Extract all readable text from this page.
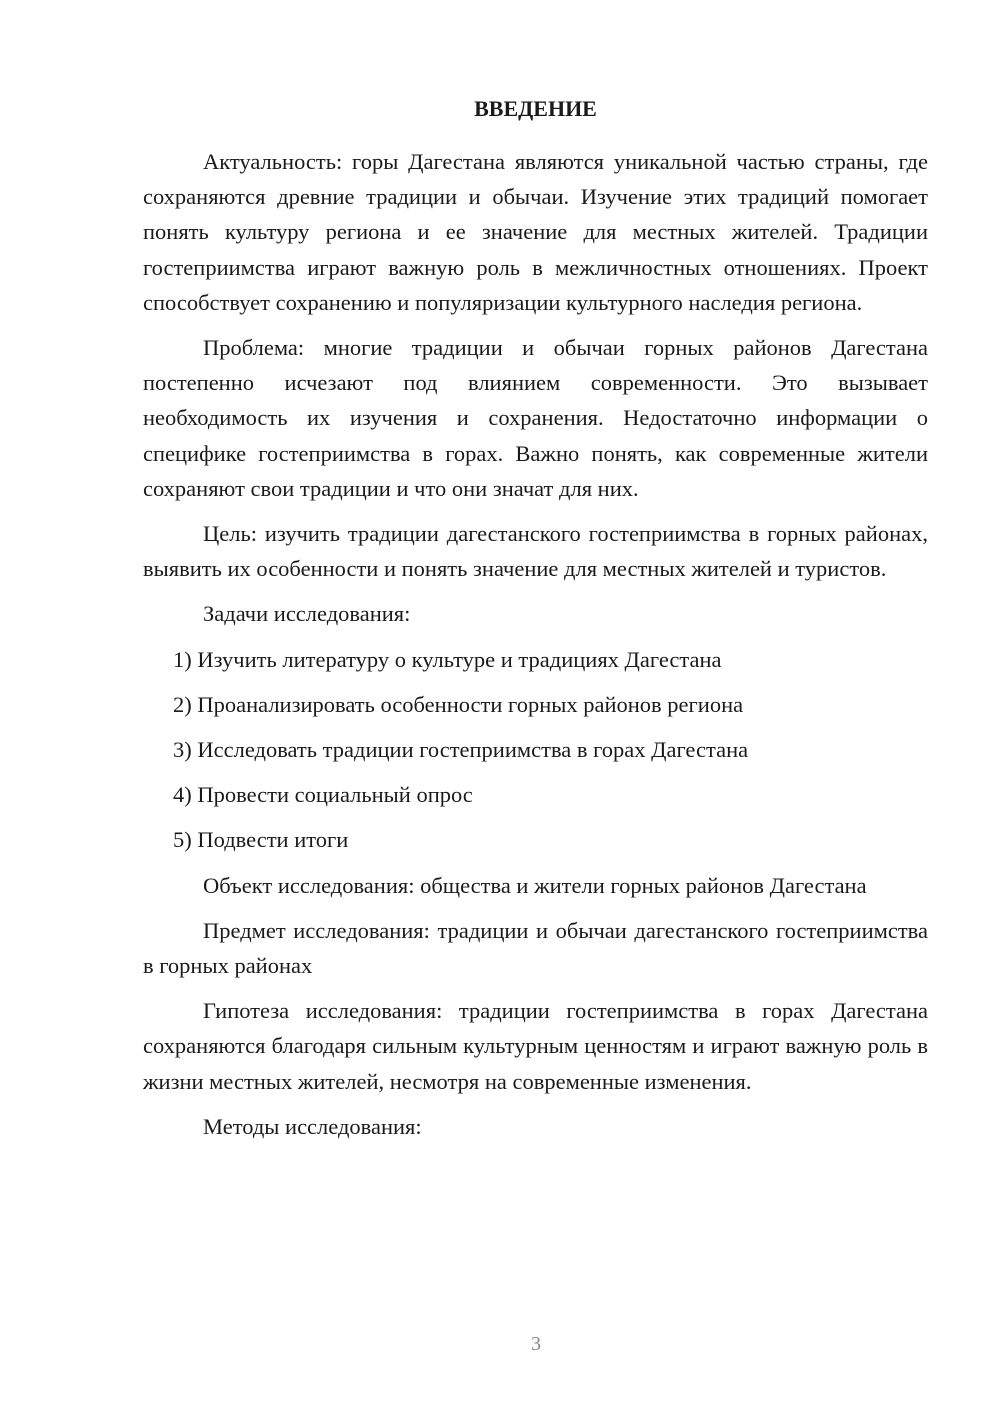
ВВЕДЕНИЕ

Актуальность: горы Дагестана являются уникальной частью страны, где сохраняются древние традиции и обычаи. Изучение этих традиций помогает понять культуру региона и ее значение для местных жителей. Традиции гостеприимства играют важную роль в межличностных отношениях. Проект способствует сохранению и популяризации культурного наследия региона.

Проблема: многие традиции и обычаи горных районов Дагестана постепенно исчезают под влиянием современности. Это вызывает необходимость их изучения и сохранения. Недостаточно информации о специфике гостеприимства в горах. Важно понять, как современные жители сохраняют свои традиции и что они значат для них.

Цель: изучить традиции дагестанского гостеприимства в горных районах, выявить их особенности и понять значение для местных жителей и туристов.

Задачи исследования:
1) Изучить литературу о культуре и традициях Дагестана
2) Проанализировать особенности горных районов региона
3) Исследовать традиции гостеприимства в горах Дагестана
4) Провести социальный опрос
5) Подвести итоги

Объект исследования: общества и жители горных районов Дагестана

Предмет исследования: традиции и обычаи дагестанского гостеприимства в горных районах

Гипотеза исследования: традиции гостеприимства в горах Дагестана сохраняются благодаря сильным культурным ценностям и играют важную роль в жизни местных жителей, несмотря на современные изменения.

Методы исследования:
3
